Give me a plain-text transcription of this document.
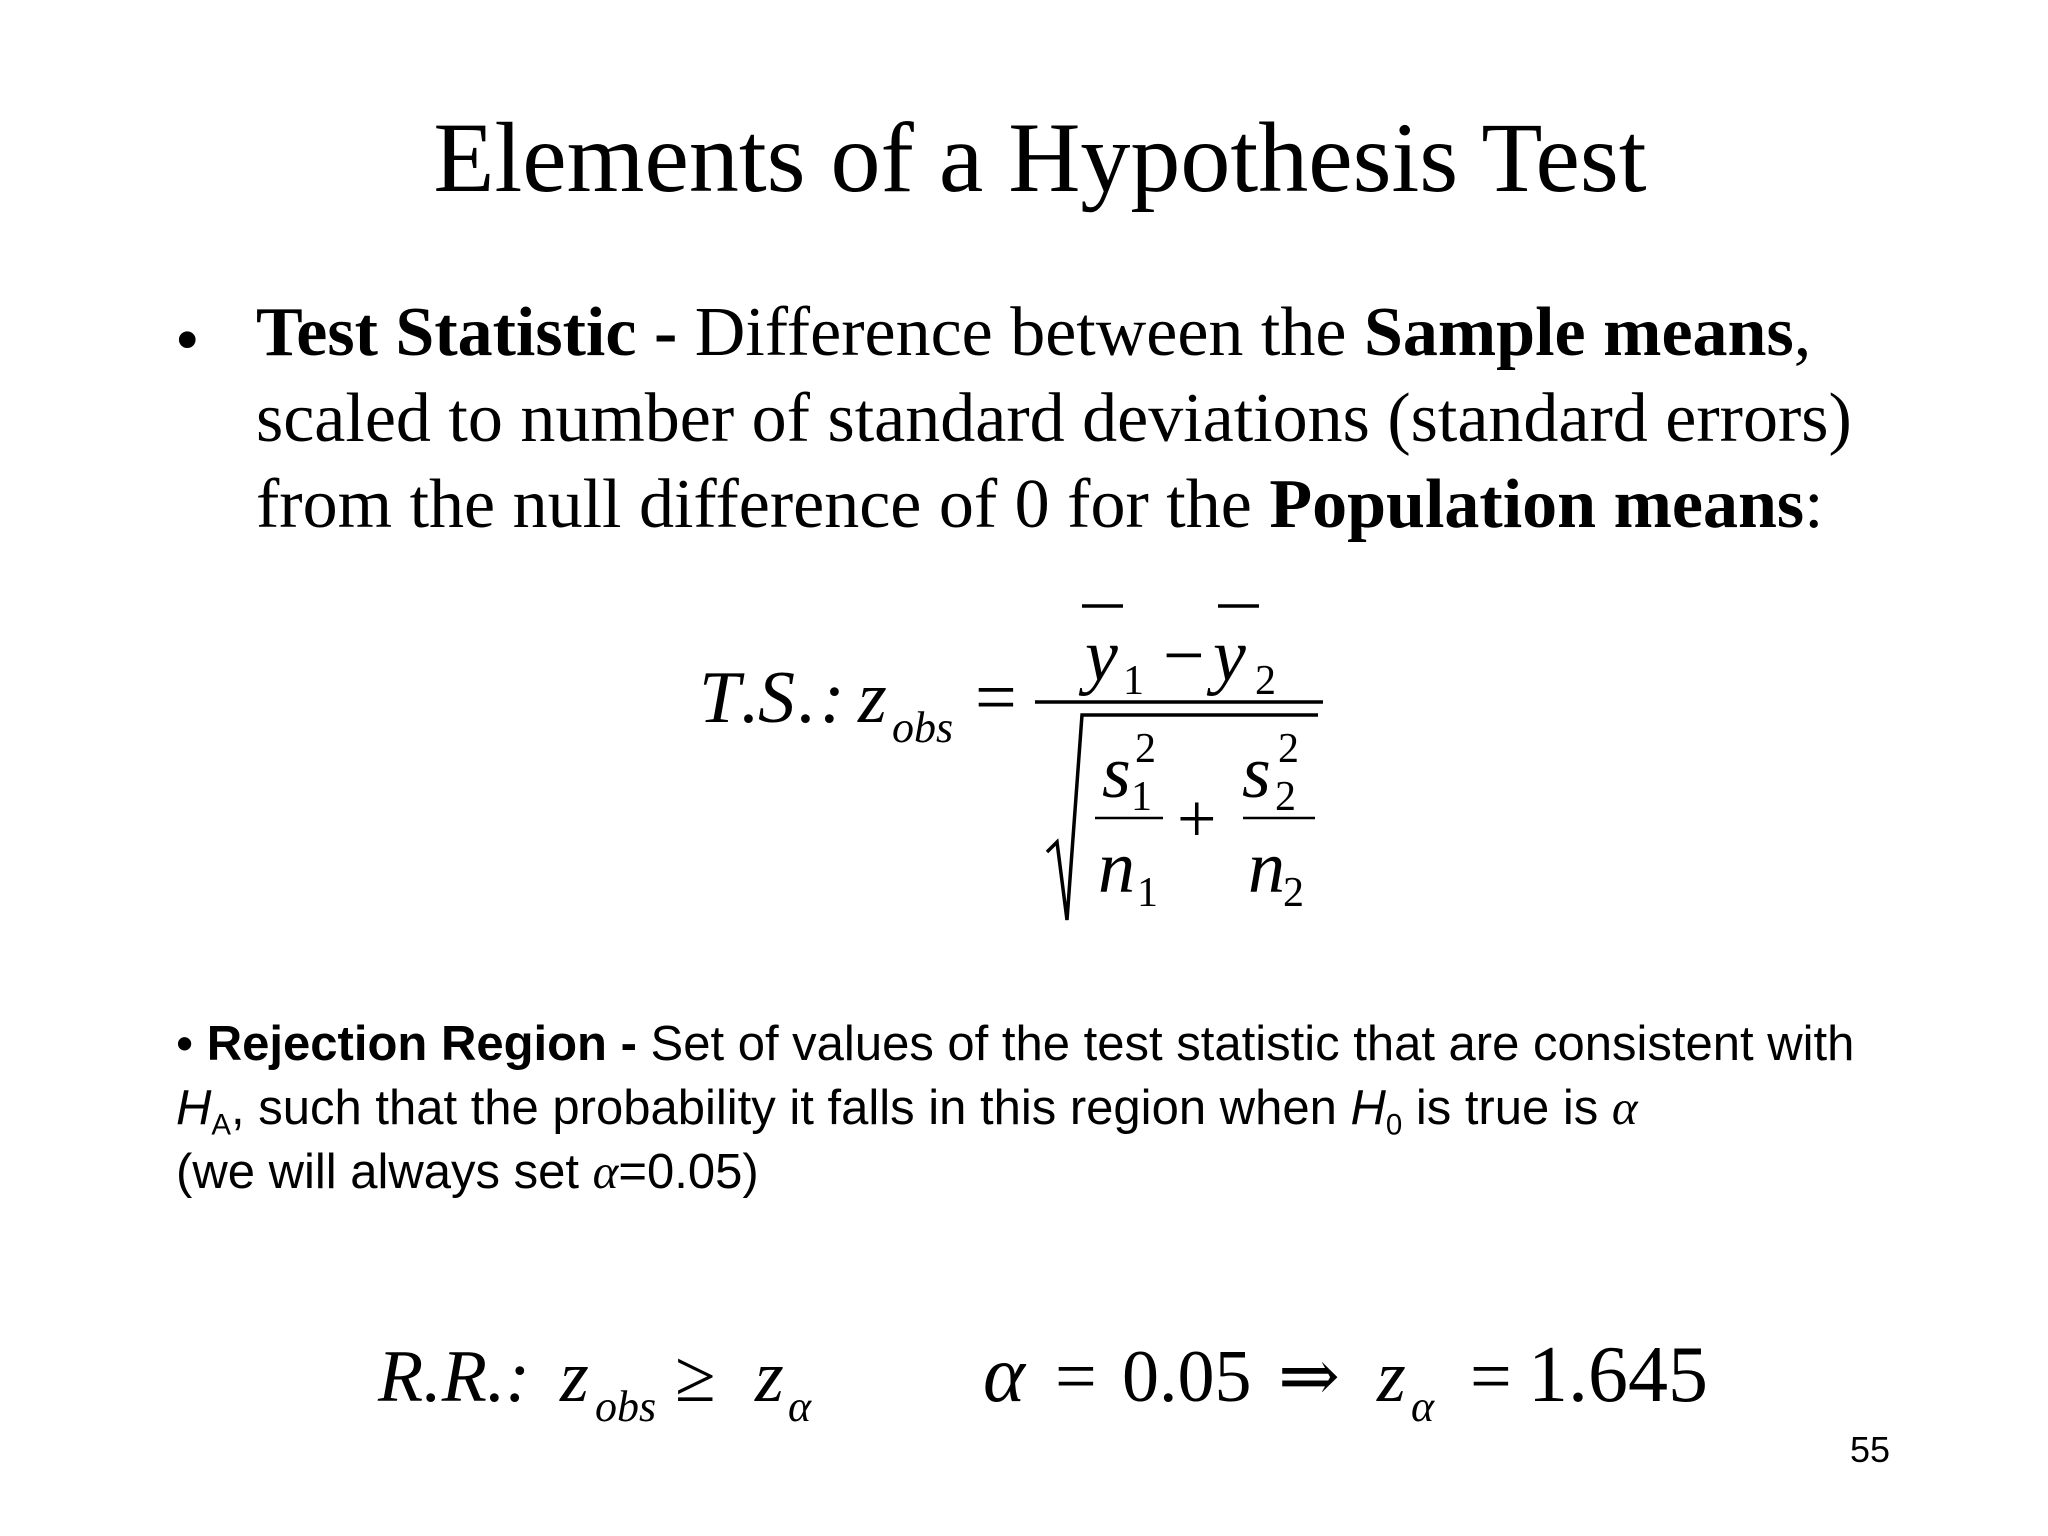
Elements of a Hypothesis Test
• Test Statistic - Difference between the Sample means, scaled to number of standard deviations (standard errors) from the null difference of 0 for the Population means:
T .
S . : z obs =
y 1 − y 2
s 2
1
n 1
+
s 2
2
n
2
• Rejection Region - Set of values of the test statistic that are consistent with $H_A$, such that the probability it falls in this region when $H_0$ is true is α
(we will always set α=0.05)
R.R.: z obs ≥ z α α = 0.05 ⇒ z α = 1.645
55
